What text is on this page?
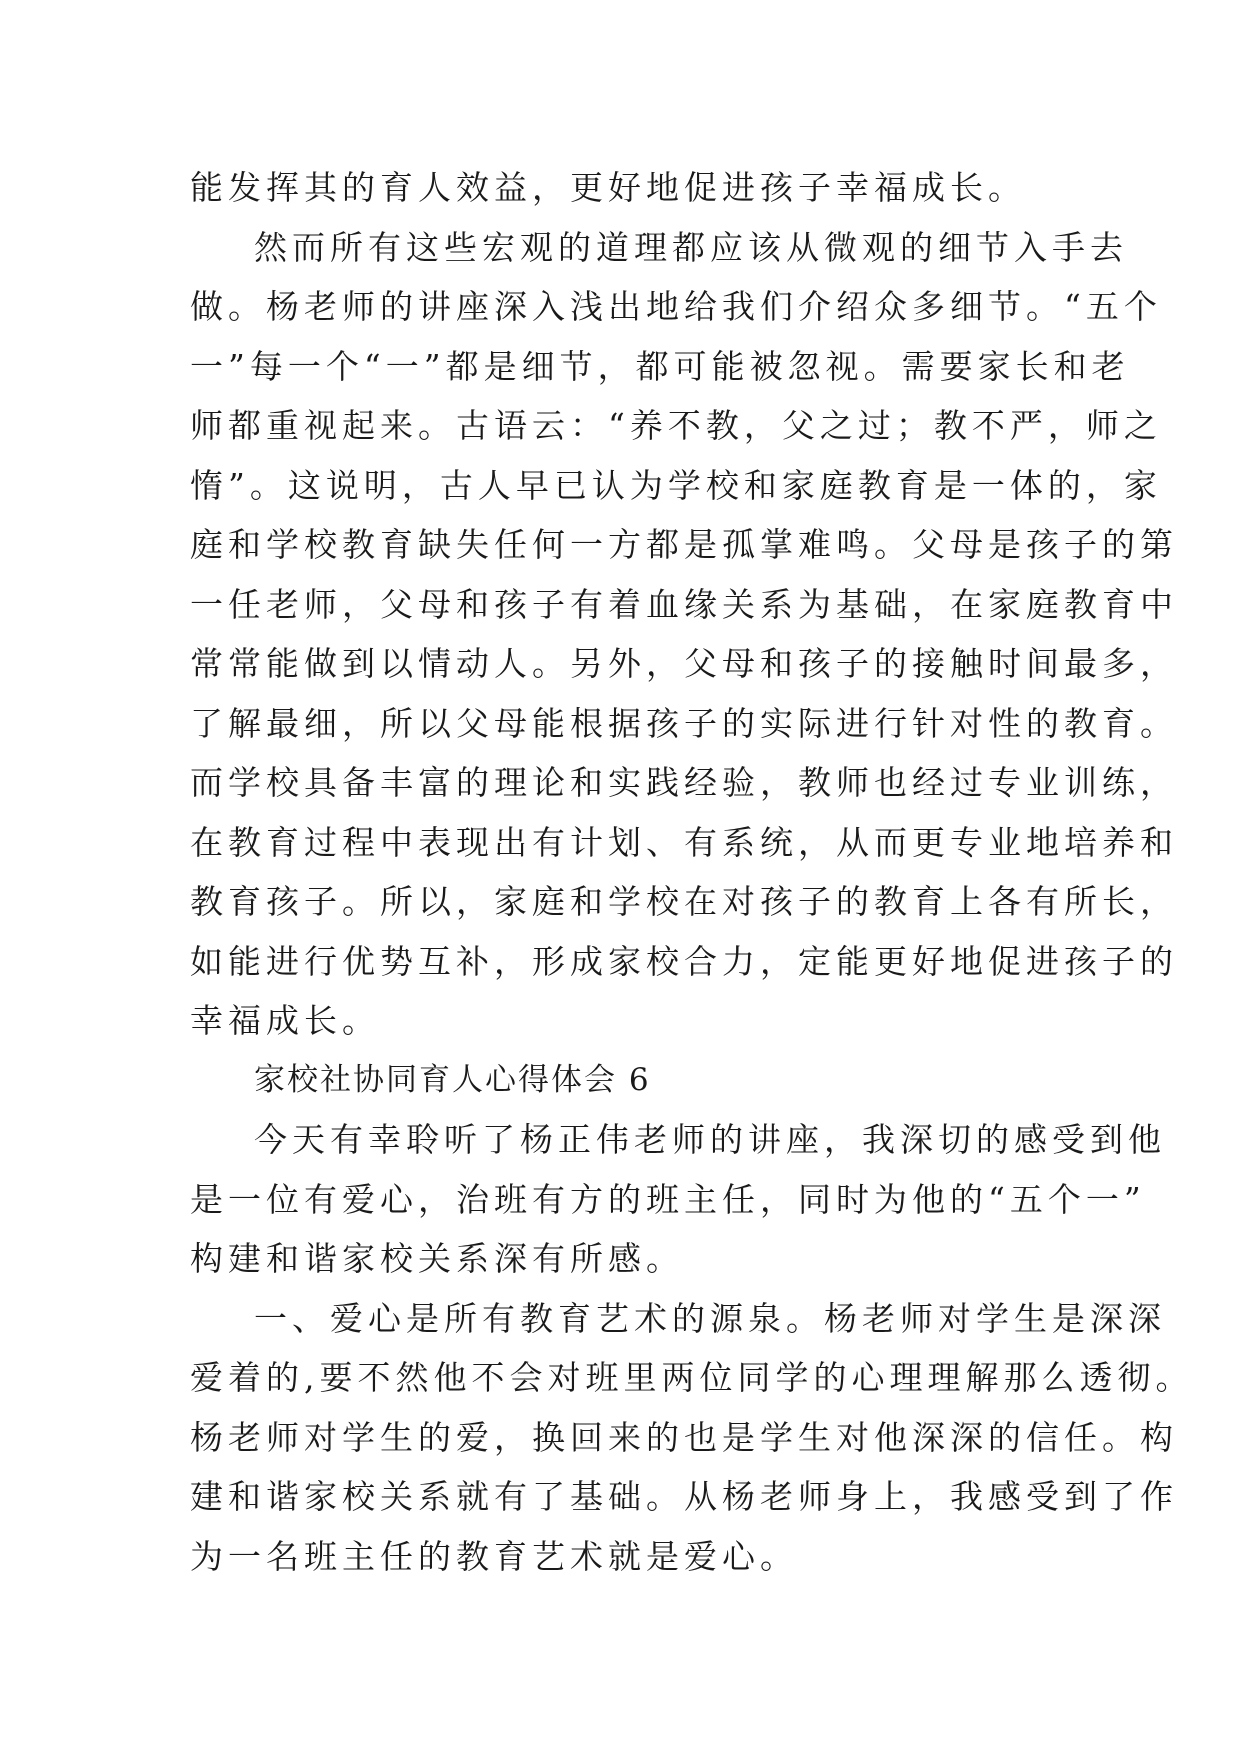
能发挥其的育人效益，更好地促进孩子幸福成长。
然而所有这些宏观的道理都应该从微观的细节入手去
做。杨老师的讲座深入浅出地给我们介绍众多细节。“五个
一”每一个“一”都是细节，都可能被忽视。需要家长和老
师都重视起来。古语云：“养不教，父之过；教不严，师之
惰”。这说明，古人早已认为学校和家庭教育是一体的，家
庭和学校教育缺失任何一方都是孤掌难鸣。父母是孩子的第
一任老师，父母和孩子有着血缘关系为基础，在家庭教育中
常常能做到以情动人。另外，父母和孩子的接触时间最多，
了解最细，所以父母能根据孩子的实际进行针对性的教育。
而学校具备丰富的理论和实践经验，教师也经过专业训练，
在教育过程中表现出有计划、有系统，从而更专业地培养和
教育孩子。所以，家庭和学校在对孩子的教育上各有所长，
如能进行优势互补，形成家校合力，定能更好地促进孩子的
幸福成长。
家校社协同育人心得体会 6
今天有幸聆听了杨正伟老师的讲座，我深切的感受到他
是一位有爱心，治班有方的班主任，同时为他的“五个一”
构建和谐家校关系深有所感。
一、爱心是所有教育艺术的源泉。杨老师对学生是深深
爱着的,要不然他不会对班里两位同学的心理理解那么透彻。
杨老师对学生的爱，换回来的也是学生对他深深的信任。构
建和谐家校关系就有了基础。从杨老师身上，我感受到了作
为一名班主任的教育艺术就是爱心。
